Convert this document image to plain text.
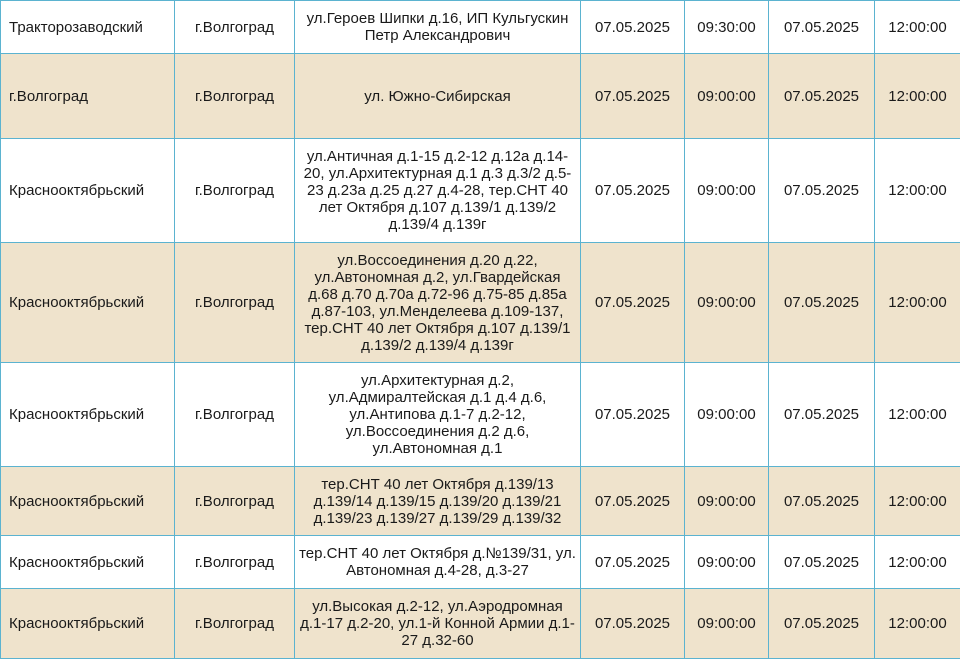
Тракторозаводский	г.Волгоград	ул.Героев Шипки д.16, ИП Кульгускин Петр Александрович	07.05.2025	09:30:00	07.05.2025	12:00:00
г.Волгоград	г.Волгоград	ул. Южно-Сибирская	07.05.2025	09:00:00	07.05.2025	12:00:00
Краснооктябрьский	г.Волгоград	ул.Античная д.1-15 д.2-12 д.12а д.14-20, ул.Архитектурная д.1 д.3 д.3/2 д.5-23 д.23а д.25 д.27 д.4-28, тер.СНТ 40 лет Октября д.107 д.139/1 д.139/2 д.139/4 д.139г	07.05.2025	09:00:00	07.05.2025	12:00:00
Краснооктябрьский	г.Волгоград	ул.Воссоединения д.20 д.22, ул.Автономная д.2, ул.Гвардейская д.68 д.70 д.70а д.72-96 д.75-85 д.85а д.87-103, ул.Менделеева д.109-137, тер.СНТ 40 лет Октября д.107 д.139/1 д.139/2 д.139/4 д.139г	07.05.2025	09:00:00	07.05.2025	12:00:00
Краснооктябрьский	г.Волгоград	ул.Архитектурная д.2, ул.Адмиралтейская д.1 д.4 д.6, ул.Антипова д.1-7 д.2-12, ул.Воссоединения д.2 д.6, ул.Автономная д.1	07.05.2025	09:00:00	07.05.2025	12:00:00
Краснооктябрьский	г.Волгоград	тер.СНТ 40 лет Октября д.139/13 д.139/14 д.139/15 д.139/20 д.139/21 д.139/23 д.139/27 д.139/29 д.139/32	07.05.2025	09:00:00	07.05.2025	12:00:00
Краснооктябрьский	г.Волгоград	тер.СНТ 40 лет Октября д.№139/31, ул. Автономная д.4-28, д.3-27	07.05.2025	09:00:00	07.05.2025	12:00:00
Краснооктябрьский	г.Волгоград	ул.Высокая д.2-12, ул.Аэродромная д.1-17 д.2-20, ул.1-й Конной Армии д.1-27 д.32-60	07.05.2025	09:00:00	07.05.2025	12:00:00
